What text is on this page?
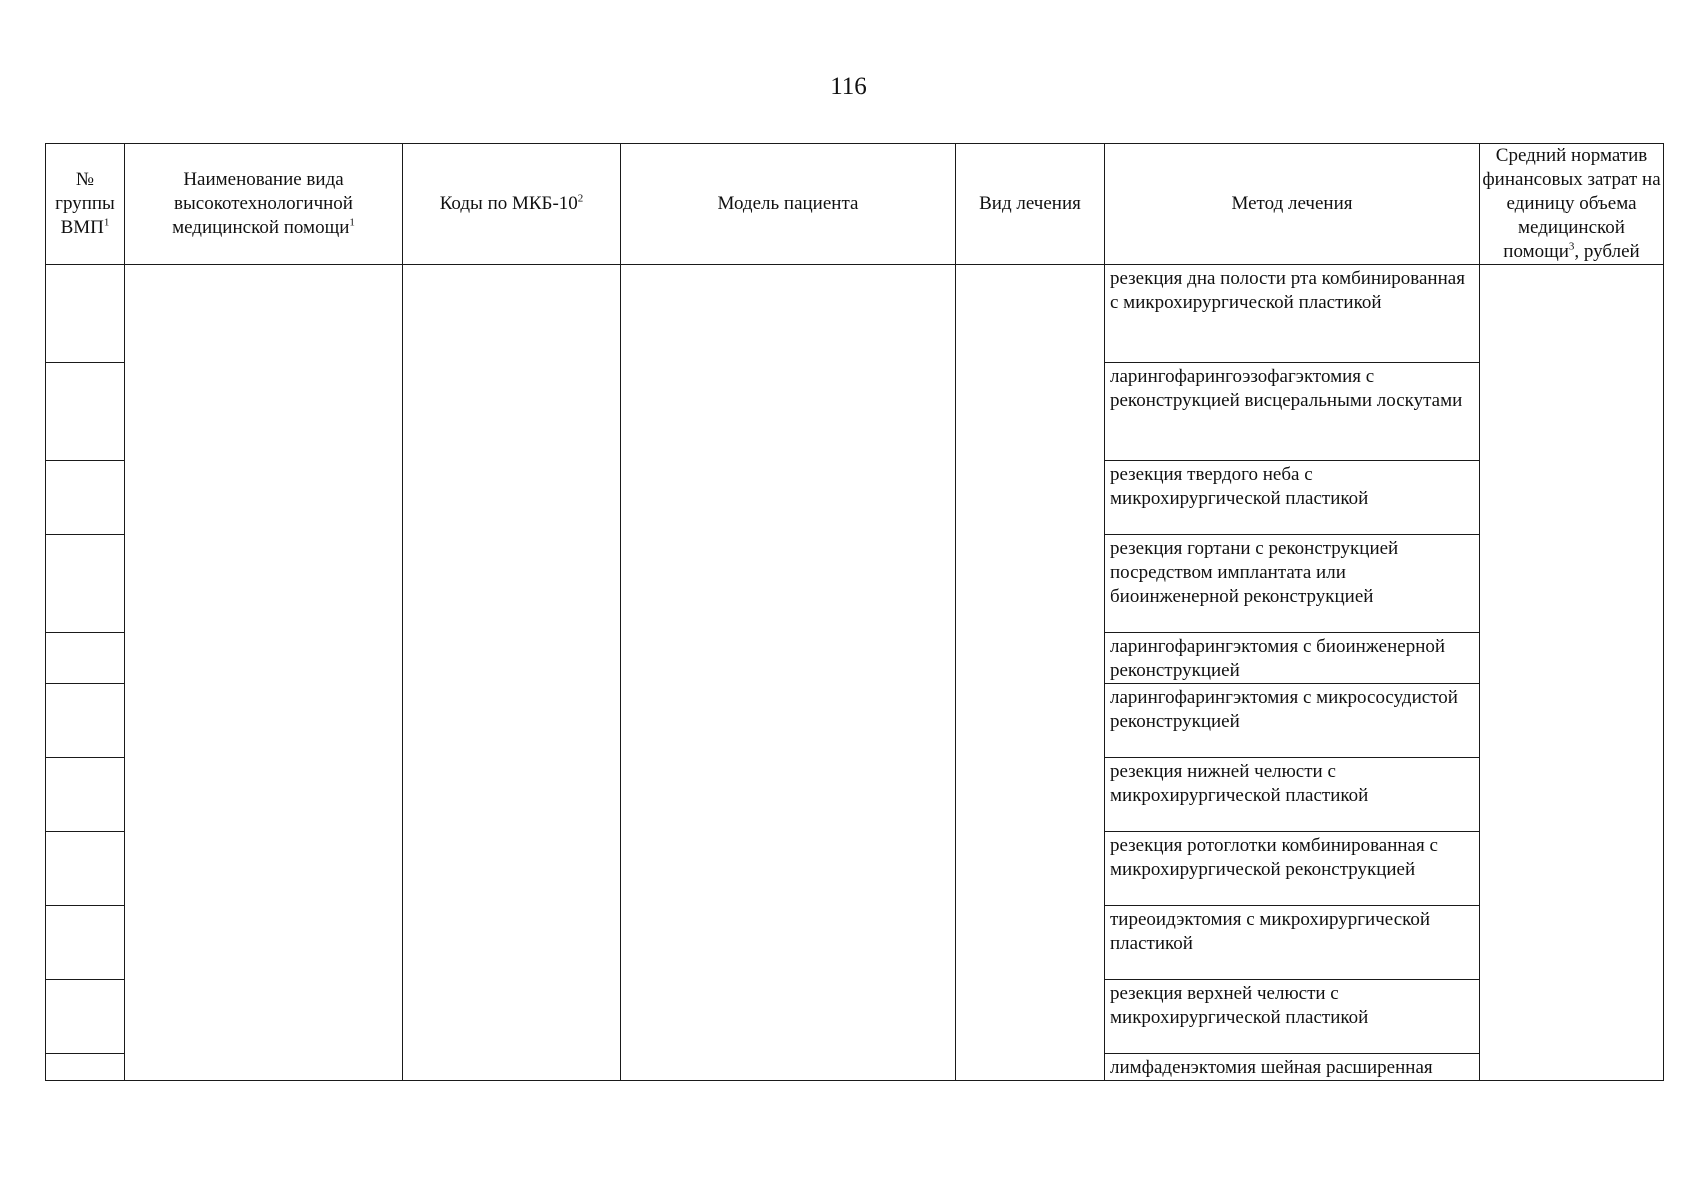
116
№ группы ВМП$^1$	Наименование вида высокотехнологичной медицинской помощи$^1$	Коды по МКБ-$10^2$	Модель пациента	Вид лечения	Метод лечения	Средний норматив финансовых затрат на единицу объема медицинской помощи$^3$, рублей
					резекция дна полости рта комбинированная с микрохирургической пластикой	
					ларингофарингоэзофагэктомия с реконструкцией висцеральными лоскутами	
					резекция твердого неба с микрохирургической пластикой	
					резекция гортани с реконструкцией посредством имплантата или биоинженерной реконструкцией	
					ларингофарингэктомия с биоинженерной реконструкцией	
					ларингофарингэктомия с микрососудистой реконструкцией	
					резекция нижней челюсти с микрохирургической пластикой	
					резекция ротоглотки комбинированная с микрохирургической реконструкцией	
					тиреоидэктомия с микрохирургической пластикой	
					резекция верхней челюсти с микрохирургической пластикой	
					лимфаденэктомия шейная расширенная	
